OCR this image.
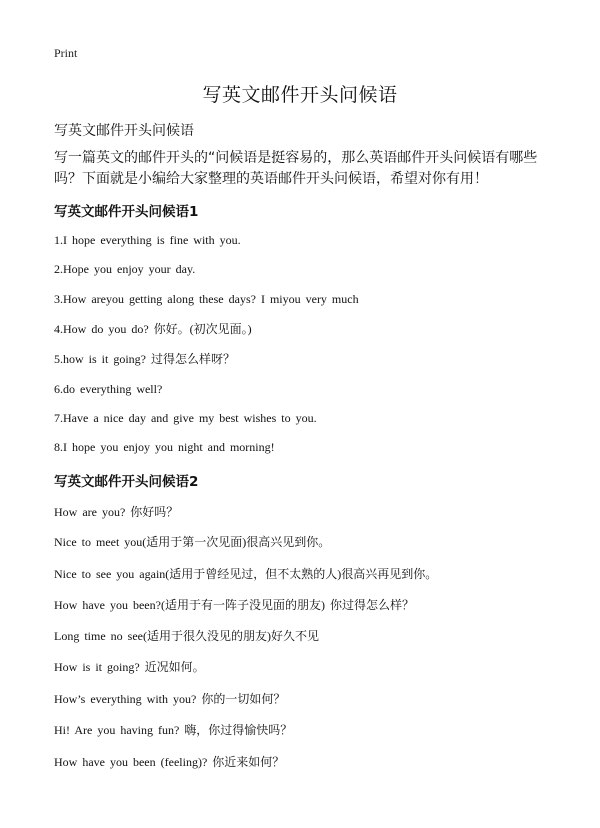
Print
写英文邮件开头问候语
写英文邮件开头问候语
写一篇英文的邮件开头的“问候语是挺容易的，那么英语邮件开头问候语有哪些吗？下面就是小编给大家整理的英语邮件开头问候语，希望对你有用！
写英文邮件开头问候语1
1.I hope everything is fine with you.
2.Hope you enjoy your day.
3.How areyou getting along these days? I miyou very much
4.How do you do? 你好。(初次见面。)
5.how is it going? 过得怎么样呀？
6.do everything well?
7.Have a nice day and give my best wishes to you.
8.I hope you enjoy you night and morning!
写英文邮件开头问候语2
How are you? 你好吗？
Nice to meet you(适用于第一次见面)很高兴见到你。
Nice to see you again(适用于曾经见过，但不太熟的人)很高兴再见到你。
How have you been?(适用于有一阵子没见面的朋友) 你过得怎么样？
Long time no see(适用于很久没见的朋友)好久不见
How is it going? 近况如何。
How’s everything with you? 你的一切如何？
Hi! Are you having fun? 嗨，你过得愉快吗？
How have you been (feeling)? 你近来如何？
